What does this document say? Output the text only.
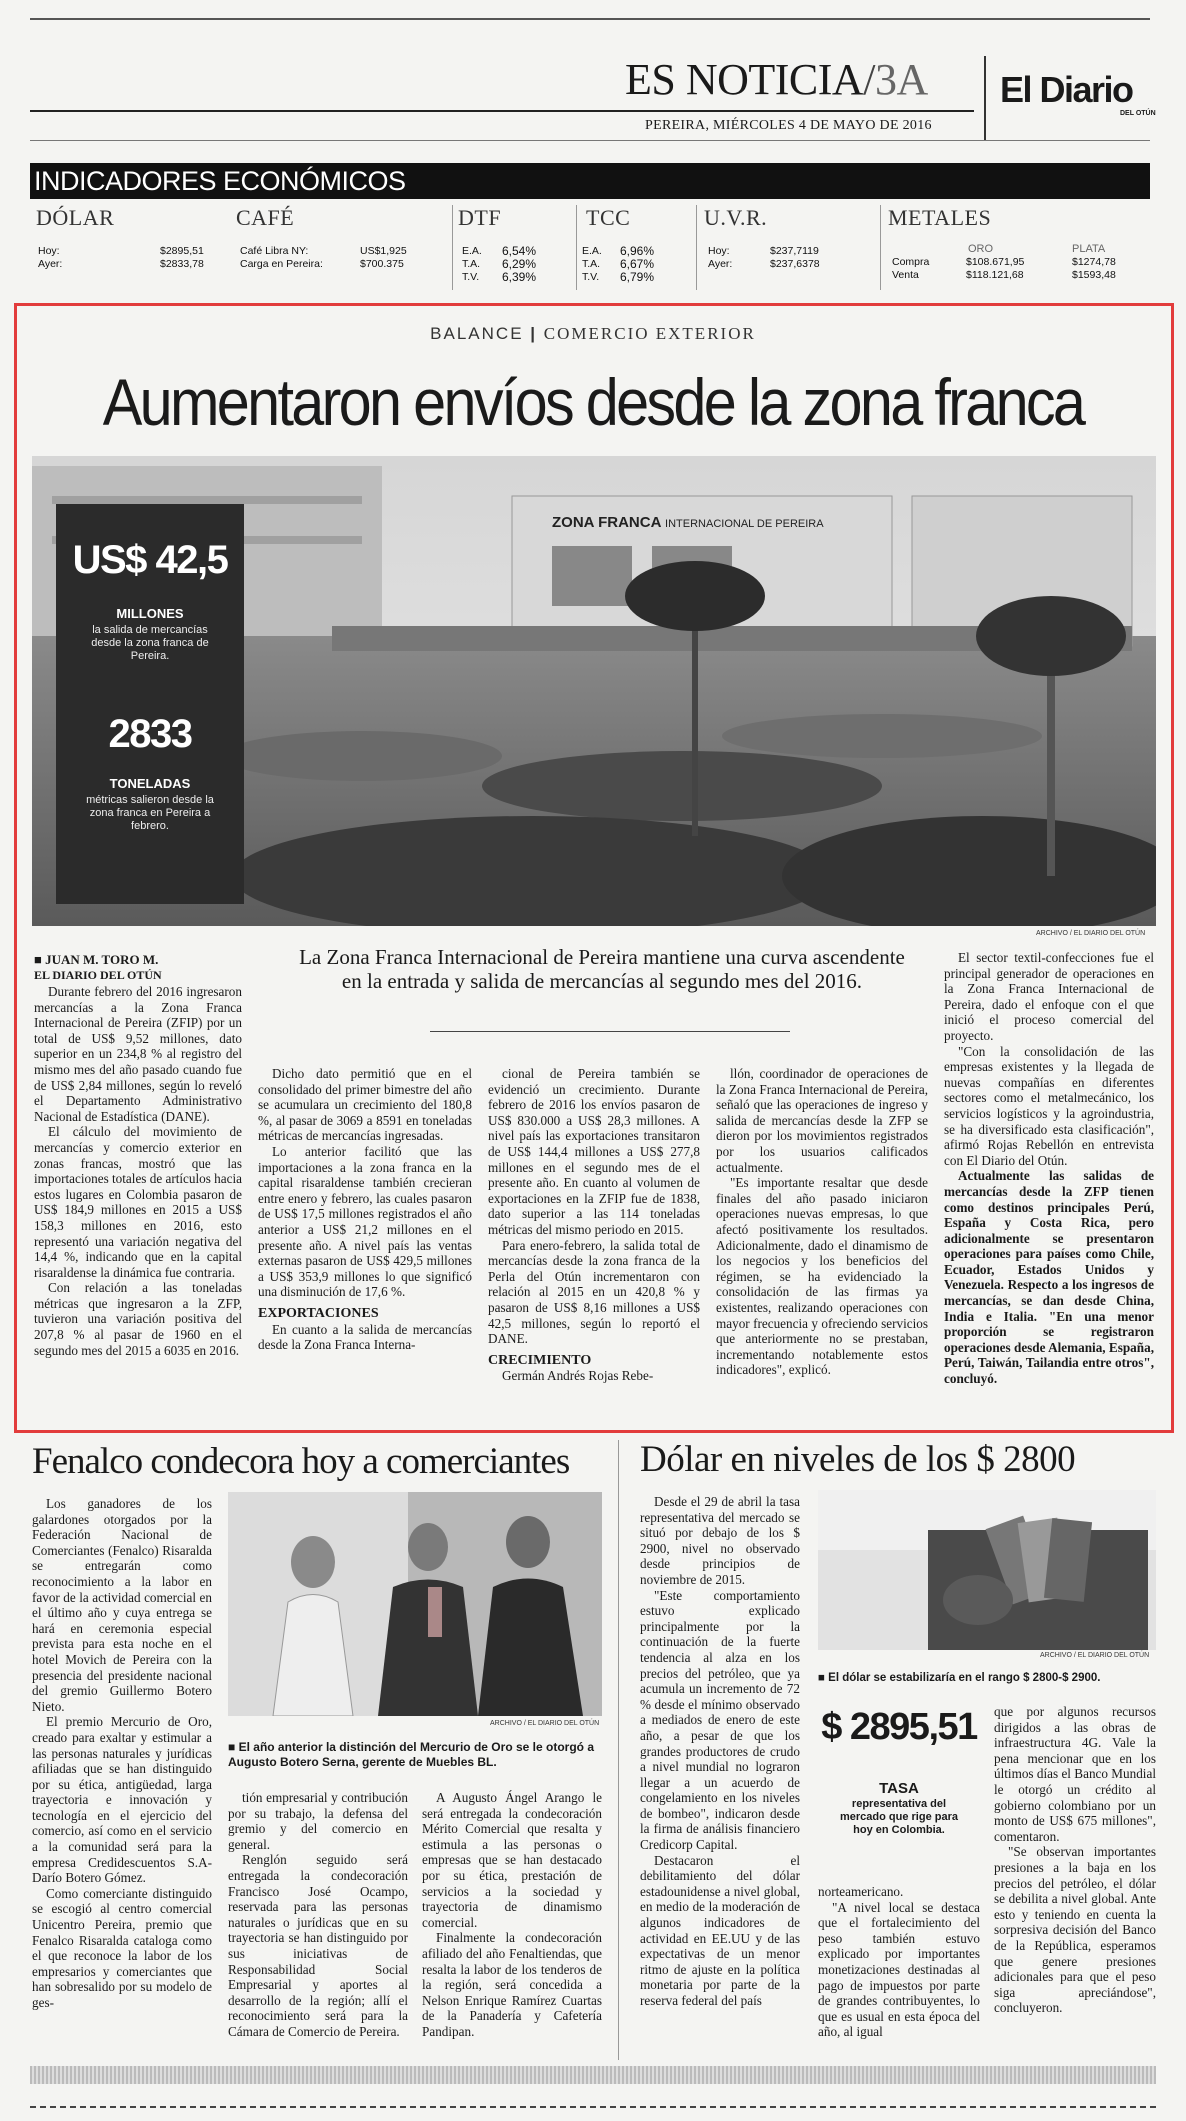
ES NOTICIA/3A El Diario
DEL OTÚN
PEREIRA, MIÉRCOLES 4 DE MAYO DE 2016
INDICADORES ECONÓMICOS
DÓLAR
Hoy:	$2895,51
Ayer:	$2833,78
CAFÉ
Café Libra NY:	US$1,925
Carga en Pereira:	$700.375
DTF
E.A. 6,54%
T.A. 6,29%
T.V. 6,39%
TCC
E.A. 6,96%
T.A. 6,67%
T.V. 6,79%
U.V.R.
Hoy:	$237,7119
Ayer:	$237,6378
METALES
ORO	PLATA
Compra	$108.671,95	$1274,78
Venta	$118.121,68	$1593,48
BALANCE | COMERCIO EXTERIOR
Aumentaron envíos desde la zona franca
ZONA FRANCA INTERNACIONAL DE PEREIRA
ARCHIVO / EL DIARIO DEL OTÚN
US$ 42,5
MILLONES
la salida de mercancías desde la zona franca de Pereira.
2833
TONELADAS
métricas salieron desde la zona franca en Pereira a febrero.
■ JUAN M. TORO M.
EL DIARIO DEL OTÚN
La Zona Franca Internacional de Pereira mantiene una curva ascendente en la entrada y salida de mercancías al segundo mes del 2016.

Durante febrero del 2016 ingresaron mercancías a la Zona Franca Internacional de Pereira (ZFIP) por un total de US$ 9,52 millones, dato superior en un 234,8 % al registro del mismo mes del año pasado cuando fue de US$ 2,84 millones, según lo reveló el Departamento Administrativo Nacional de Estadística (DANE).

El cálculo del movimiento de mercancías y comercio exterior en zonas francas, mostró que las importaciones totales de artículos hacia estos lugares en Colombia pasaron de US$ 184,9 millones en 2015 a US$ 158,3 millones en 2016, esto representó una variación negativa del 14,4 %, indicando que en la capital risaraldense la dinámica fue contraria.

Con relación a las toneladas métricas que ingresaron a la ZFP, tuvieron una variación positiva del 207,8 % al pasar de 1960 en el segundo mes del 2015 a 6035 en 2016.

Dicho dato permitió que en el consolidado del primer bimestre del año se acumulara un crecimiento del 180,8 %, al pasar de 3069 a 8591 en toneladas métricas de mercancías ingresadas.

Lo anterior facilitó que las importaciones a la zona franca en la capital risaraldense también crecieran entre enero y febrero, las cuales pasaron de US$ 17,5 millones registrados el año anterior a US$ 21,2 millones en el presente año. A nivel país las ventas externas pasaron de US$ 429,5 millones a US$ 353,9 millones lo que significó una disminución de 17,6 %.

EXPORTACIONES

En cuanto a la salida de mercancías desde la Zona Franca Interna-

cional de Pereira también se evidenció un crecimiento. Durante febrero de 2016 los envíos pasaron de US$ 830.000 a US$ 28,3 millones. A nivel país las exportaciones transitaron de US$ 144,4 millones a US$ 277,8 millones en el segundo mes de el presente año. En cuanto al volumen de exportaciones en la ZFIP fue de 1838, dato superior a las 114 toneladas métricas del mismo periodo en 2015.

Para enero-febrero, la salida total de mercancías desde la zona franca de la Perla del Otún incrementaron con relación al 2015 en un 420,8 % y pasaron de US$ 8,16 millones a US$ 42,5 millones, según lo reportó el DANE.

CRECIMIENTO

Germán Andrés Rojas Rebe-

llón, coordinador de operaciones de la Zona Franca Internacional de Pereira, señaló que las operaciones de ingreso y salida de mercancías desde la ZFP se dieron por los movimientos registrados por los usuarios calificados actualmente.

"Es importante resaltar que desde finales del año pasado iniciaron operaciones nuevas empresas, lo que afectó positivamente los resultados. Adicionalmente, dado el dinamismo de los negocios y los beneficios del régimen, se ha evidenciado la consolidación de las firmas ya existentes, realizando operaciones con mayor frecuencia y ofreciendo servicios que anteriormente no se prestaban, incrementando notablemente estos indicadores", explicó.

El sector textil-confecciones fue el principal generador de operaciones en la Zona Franca Internacional de Pereira, dado el enfoque con el que inició el proceso comercial del proyecto.

"Con la consolidación de las empresas existentes y la llegada de nuevas compañías en diferentes sectores como el metalmecánico, los servicios logísticos y la agroindustria, se ha diversificado esta clasificación", afirmó Rojas Rebellón en entrevista con El Diario del Otún.

Actualmente las salidas de mercancías desde la ZFP tienen como destinos principales Perú, España y Costa Rica, pero adicionalmente se presentaron operaciones para países como Chile, Ecuador, Estados Unidos y Venezuela. Respecto a los ingresos de mercancías, se dan desde China, India e Italia. "En una menor proporción se registraron operaciones desde Alemania, España, Perú, Taiwán, Tailandia entre otros", concluyó.

Fenalco condecora hoy a comerciantes

Los ganadores de los galardones otorgados por la Federación Nacional de Comerciantes (Fenalco) Risaralda se entregarán como reconocimiento a la labor en favor de la actividad comercial en el último año y cuya entrega se hará en ceremonia especial prevista para esta noche en el hotel Movich de Pereira con la presencia del presidente nacional del gremio Guillermo Botero Nieto.

El premio Mercurio de Oro, creado para exaltar y estimular a las personas naturales y jurídicas afiliadas que se han distinguido por su ética, antigüedad, larga trayectoria e innovación y tecnología en el ejercicio del comercio, así como en el servicio a la comunidad será para la empresa Credidescuentos S.A- Darío Botero Gómez.

Como comerciante distinguido se escogió al centro comercial Unicentro Pereira, premio que Fenalco Risaralda cataloga como el que reconoce la labor de los empresarios y comerciantes que han sobresalido por su modelo de ges-

ARCHIVO / EL DIARIO DEL OTÚN
■ El año anterior la distinción del Mercurio de Oro se le otorgó a Augusto Botero Serna, gerente de Muebles BL.

tión empresarial y contribución por su trabajo, la defensa del gremio y del comercio en general.

Renglón seguido será entregada la condecoración Francisco José Ocampo, reservada para las personas naturales o jurídicas que en su trayectoria se han distinguido por sus iniciativas de Responsabilidad Social Empresarial y aportes al desarrollo de la región; allí el reconocimiento será para la Cámara de Comercio de Pereira.

A Augusto Ángel Arango le será entregada la condecoración Mérito Comercial que resalta y estimula a las personas o empresas que se han destacado por su ética, prestación de servicios a la sociedad y trayectoria de dinamismo comercial.

Finalmente la condecoración afiliado del año Fenaltiendas, que resalta la labor de los tenderos de la región, será concedida a Nelson Enrique Ramírez Cuartas de la Panadería y Cafetería Pandipan.

Dólar en niveles de los $ 2800

Desde el 29 de abril la tasa representativa del mercado se situó por debajo de los $ 2900, nivel no observado desde principios de noviembre de 2015.

"Este comportamiento estuvo explicado principalmente por la continuación de la fuerte tendencia al alza en los precios del petróleo, que ya acumula un incremento de 72 % desde el mínimo observado a mediados de enero de este año, a pesar de que los grandes productores de crudo a nivel mundial no lograron llegar a un acuerdo de congelamiento en los niveles de bombeo", indicaron desde la firma de análisis financiero Credicorp Capital.

Destacaron el debilitamiento del dólar estadounidense a nivel global, en medio de la moderación de algunos indicadores de actividad en EE.UU y de las expectativas de un menor ritmo de ajuste en la política monetaria por parte de la reserva federal del país

ARCHIVO / EL DIARIO DEL OTÚN
■ El dólar se estabilizaría en el rango $ 2800-$ 2900.
$ 2895,51
TASA
representativa del mercado que rige para hoy en Colombia.

norteamericano.

"A nivel local se destaca que el fortalecimiento del peso también estuvo explicado por importantes monetizaciones destinadas al pago de impuestos por parte de grandes contribuyentes, lo que es usual en esta época del año, al igual

que por algunos recursos dirigidos a las obras de infraestructura 4G. Vale la pena mencionar que en los últimos días el Banco Mundial le otorgó un crédito al gobierno colombiano por un monto de US$ 675 millones", comentaron.

"Se observan importantes presiones a la baja en los precios del petróleo, el dólar se debilita a nivel global. Ante esto y teniendo en cuenta la sorpresiva decisión del Banco de la República, esperamos que genere presiones adicionales para que el peso siga apreciándose", concluyeron.
